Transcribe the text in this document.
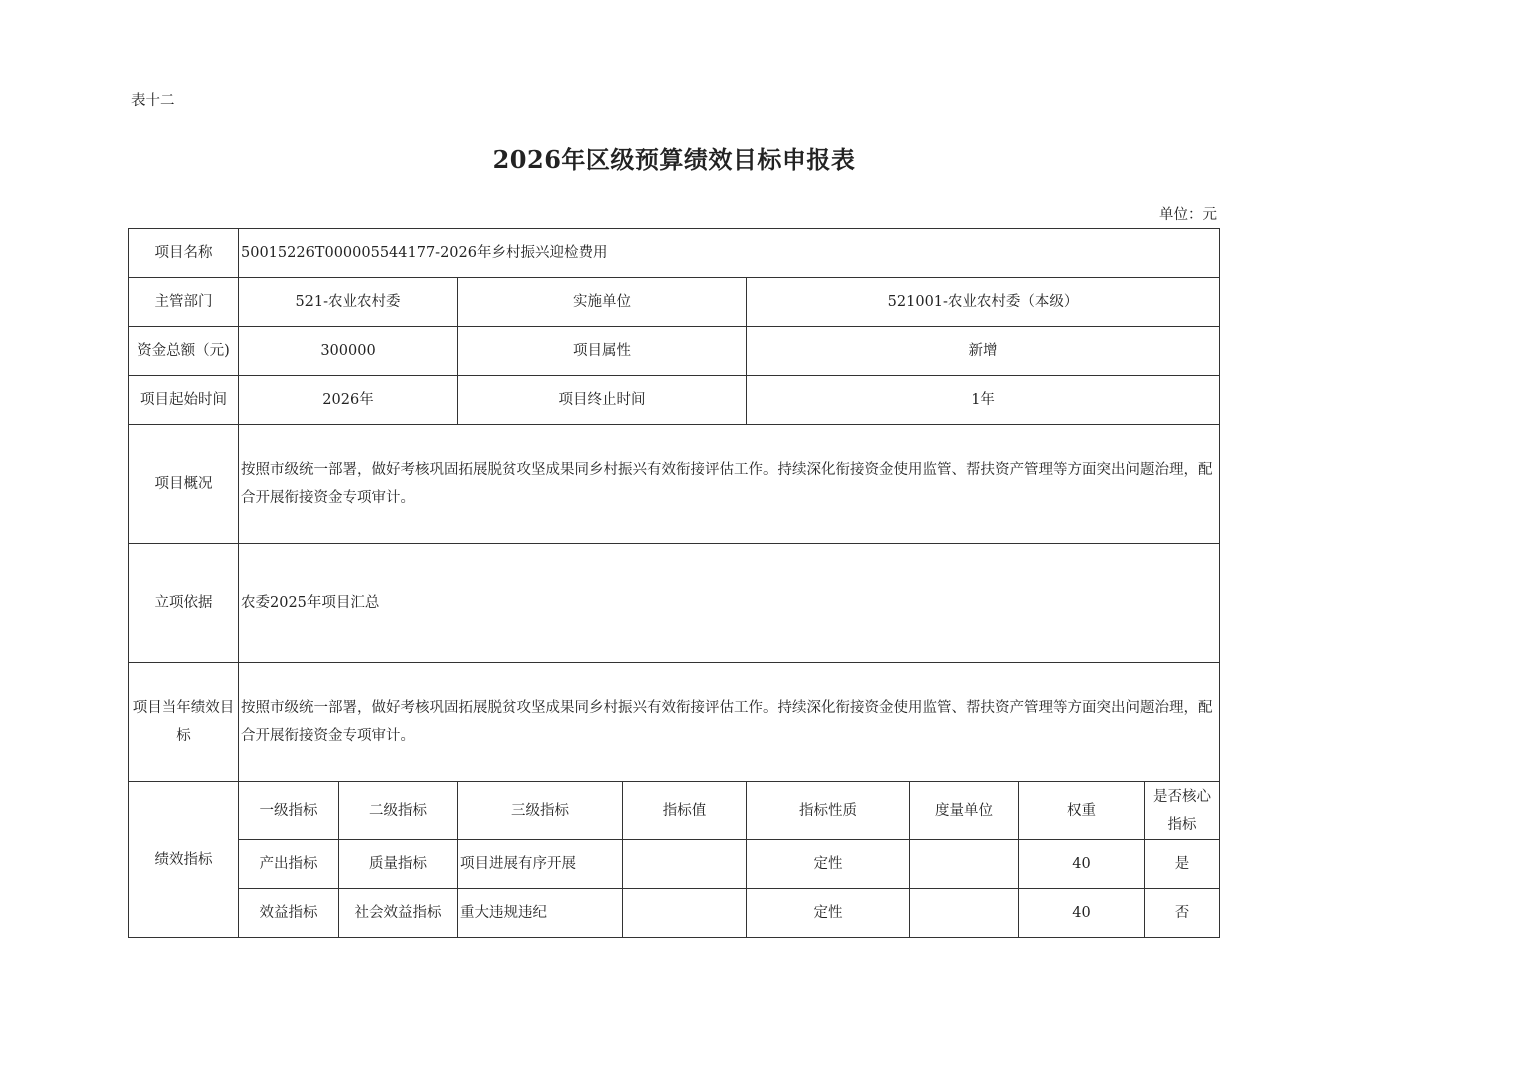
表十二
2026年区级预算绩效目标申报表
单位：元
项目名称	50015226T000005544177-2026年乡村振兴迎检费用							
主管部门	521-农业农村委		实施单位		521001-农业农村委（本级）			
资金总额（元)	300000		项目属性		新增			
项目起始时间	2026年		项目终止时间		1年			
项目概况	按照市级统一部署，做好考核巩固拓展脱贫攻坚成果同乡村振兴有效衔接评估工作。持续深化衔接资金使用监管、帮扶资产管理等方面突出问题治理，配合开展衔接资金专项审计。							
立项依据	农委2025年项目汇总							
项目当年绩效目标	按照市级统一部署，做好考核巩固拓展脱贫攻坚成果同乡村振兴有效衔接评估工作。持续深化衔接资金使用监管、帮扶资产管理等方面突出问题治理，配合开展衔接资金专项审计。							
绩效指标	一级指标	二级指标	三级指标	指标值	指标性质	度量单位	权重	是否核心指标
	产出指标	质量指标	项目进展有序开展		定性		40	是
	效益指标	社会效益指标	重大违规违纪		定性		40	否
